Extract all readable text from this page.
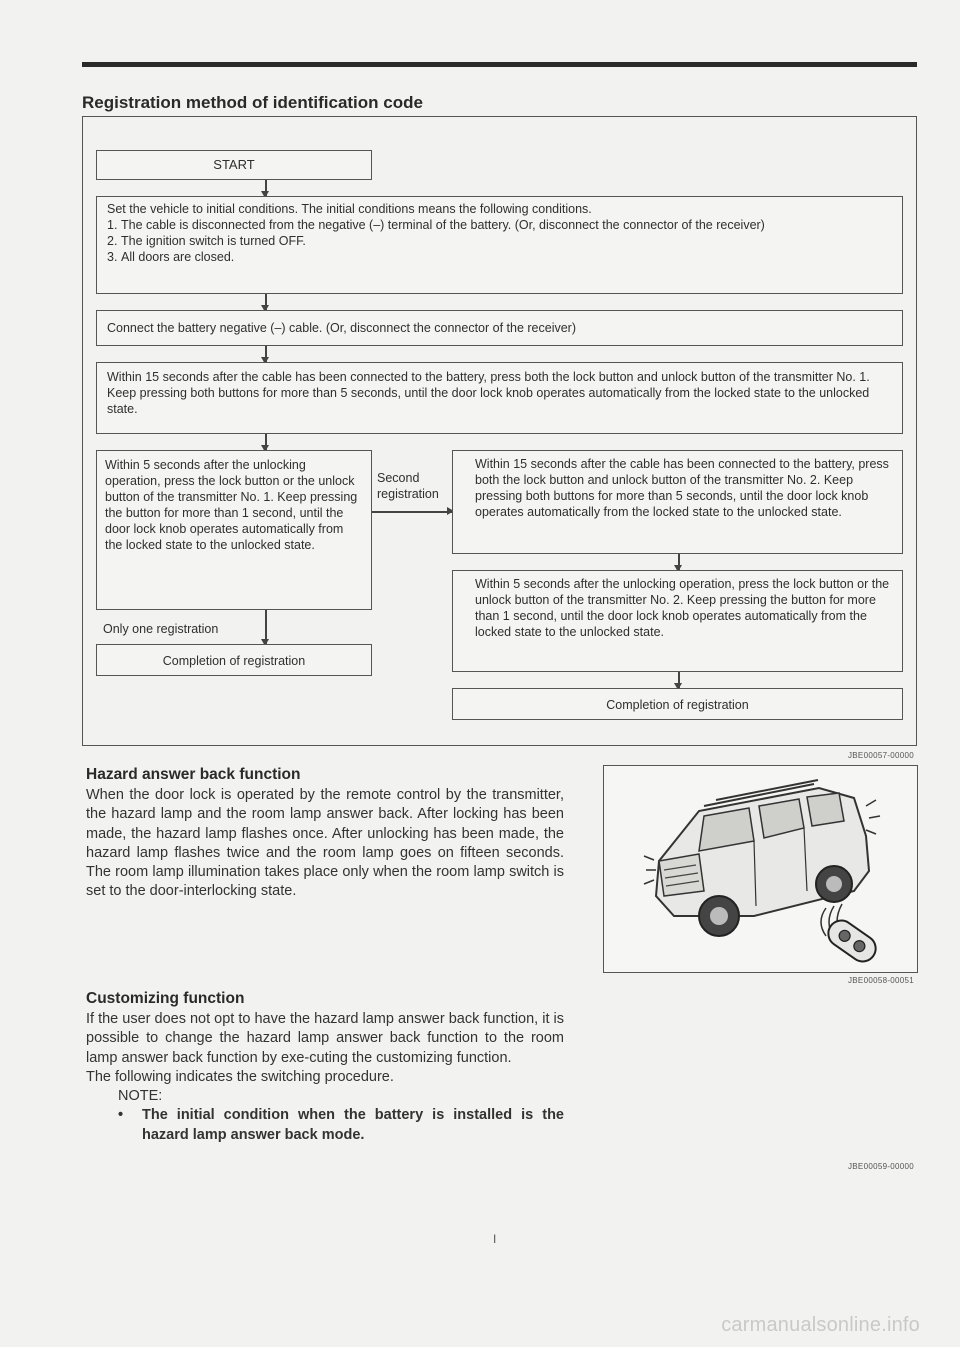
Registration method of identification code
START

Set the vehicle to initial conditions. The initial conditions means the following conditions.

1. The cable is disconnected from the negative (–) terminal of the battery. (Or, disconnect the connector of the receiver)
2. The ignition switch is turned OFF.
3. All doors are closed.

Connect the battery negative (–) cable. (Or, disconnect the connector of the receiver)

Within 15 seconds after the cable has been connected to the battery, press both the lock button and unlock button of the transmitter No. 1. Keep pressing both buttons for more than 5 seconds, until the door lock knob operates automatically from the locked state to the unlocked state.

Within 5 seconds after the unlocking operation, press the lock button or the unlock button of the transmitter No. 1. Keep pressing the button for more than 1 second, until the door lock knob operates automatically from the locked state to the unlocked state.

Second
registration
Only one registration
Completion of registration

Within 15 seconds after the cable has been connected to the battery, press both the lock button and unlock button of the transmitter No. 2. Keep pressing both buttons for more than 5 seconds, until the door lock knob operates automatically from the locked state to the unlocked state.

Within 5 seconds after the unlocking operation, press the lock button or the unlock button of the transmitter No. 2. Keep pressing the button for more than 1 second, until the door lock knob operates automatically from the locked state to the unlocked state.

Completion of registration
JBE00057-00000
Hazard answer back function

When the door lock is operated by the remote control by the transmitter, the hazard lamp and the room lamp answer back. After locking has been made, the hazard lamp flashes once. After unlocking has been made, the hazard lamp flashes twice and the room lamp goes on fifteen seconds. The room lamp illumination takes place only when the room lamp switch is set to the door-interlocking state.

JBE00058-00051
Customizing function

If the user does not opt to have the hazard lamp answer back function, it is possible to change the hazard lamp answer back function to the room lamp answer back function by exe-cuting the customizing function.

The following indicates the switching procedure.

NOTE:

•	The initial condition when the battery is installed is the hazard lamp answer back mode.
JBE00059-00000
I
carmanualsonline.info
